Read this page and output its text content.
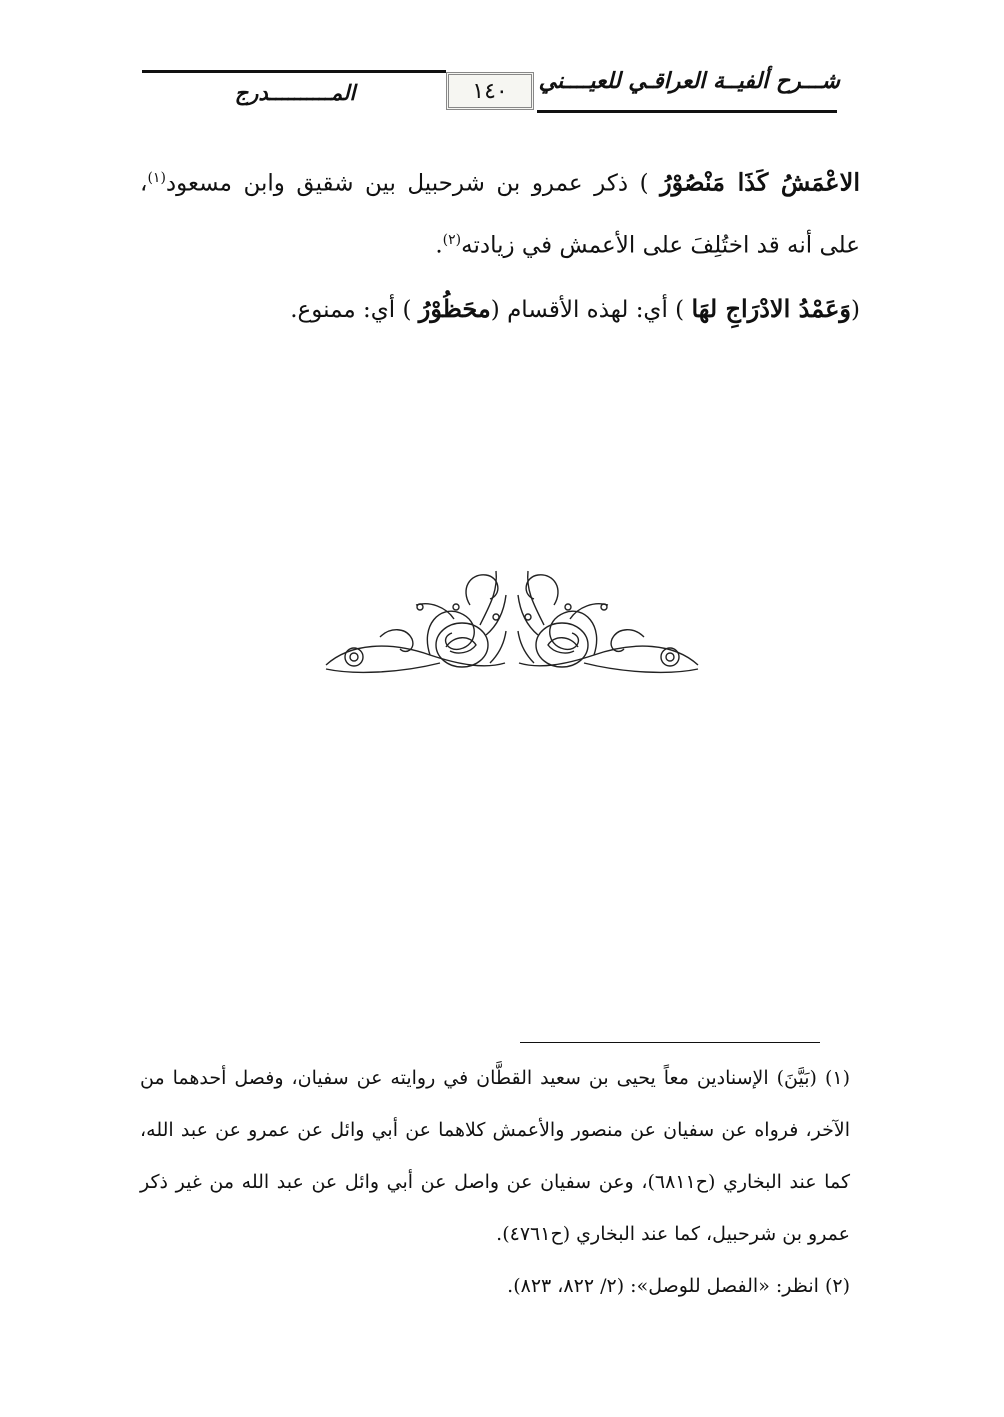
شـــرح ألفيــة العراقـي للعيــــني
١٤٠
المــــــــــدرج

الاعْمَشُ كَذَا مَنْصُوْرُ ) ذكر عمرو بن شرحبيل بين شقيق وابن مسعود$^{(١)}$، على أنه قد اختُلِفَ على الأعمش في زيادته$^{(٢)}$.

(وَعَمْدُ الادْرَاجِ لهَا ) أي: لهذه الأقسام (محَظُوْرُ ) أي: ممنوع.

(١) (بَيَّنَ) الإسنادين معاً يحيى بن سعيد القطَّان في روايته عن سفيان، وفصل أحدهما من الآخر، فرواه عن سفيان عن منصور والأعمش كلاهما عن أبي وائل عن عمرو عن عبد الله، كما عند البخاري (ح٦٨١١)، وعن سفيان عن واصل عن أبي وائل عن عبد الله من غير ذكر عمرو بن شرحبيل، كما عند البخاري (ح٤٧٦١).

(٢) انظر: «الفصل للوصل»: (٢/ ٨٢٢، ٨٢٣).
